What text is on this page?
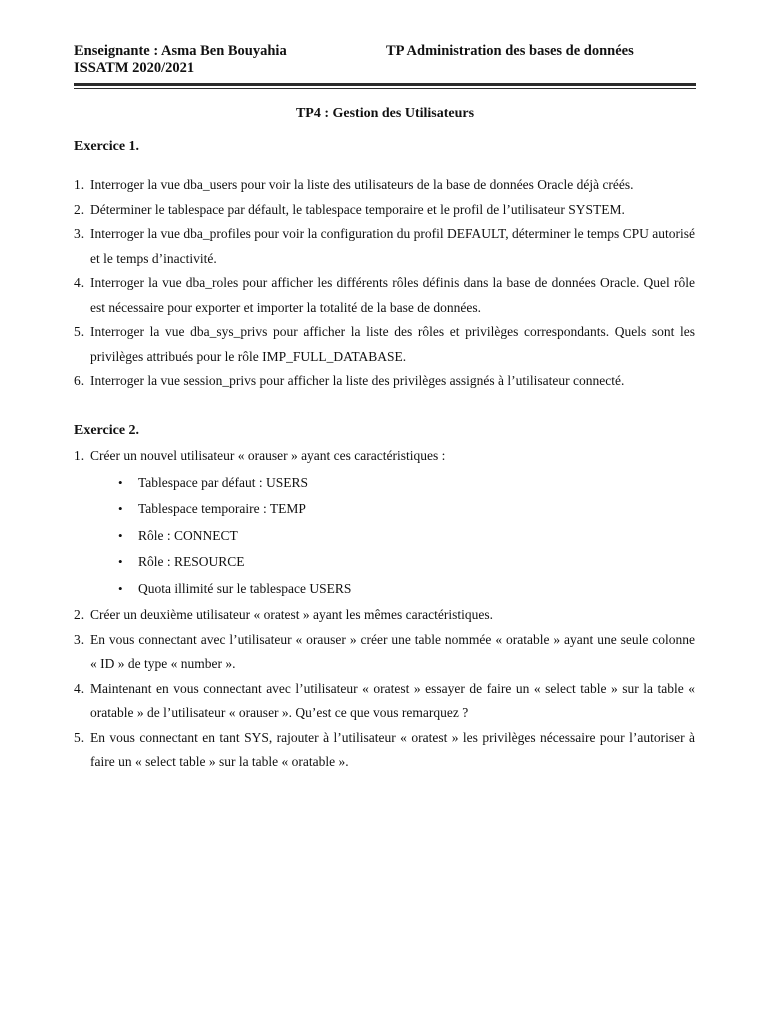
Enseignante : Asma Ben Bouyahia	TP Administration des bases de données
ISSATM 2020/2021
TP4 : Gestion des Utilisateurs
Exercice 1.
1. Interroger la vue dba_users pour voir la liste des utilisateurs de la base de données Oracle déjà créés.
2. Déterminer le tablespace par défault, le tablespace temporaire et le profil de l’utilisateur SYSTEM.
3. Interroger la vue dba_profiles pour voir la configuration du profil DEFAULT, déterminer le temps CPU autorisé et le temps d’inactivité.
4. Interroger la vue dba_roles pour afficher les différents rôles définis dans la base de données Oracle. Quel rôle est nécessaire pour exporter et importer la totalité de la base de données.
5. Interroger la vue dba_sys_privs pour afficher la liste des rôles et privilèges correspondants. Quels sont les privilèges attribués pour le rôle IMP_FULL_DATABASE.
6. Interroger la vue session_privs pour afficher la liste des privilèges assignés à l’utilisateur connecté.
Exercice 2.
1. Créer un nouvel utilisateur « orauser » ayant ces caractéristiques :
• Tablespace par défaut : USERS
• Tablespace temporaire : TEMP
• Rôle : CONNECT
• Rôle : RESOURCE
• Quota illimité sur le tablespace USERS
2. Créer un deuxième utilisateur « oratest » ayant les mêmes caractéristiques.
3. En vous connectant avec l’utilisateur « orauser » créer une table nommée « oratable » ayant une seule colonne « ID » de type « number ».
4. Maintenant en vous connectant avec l’utilisateur « oratest » essayer de faire un « select table » sur la table « oratable » de l’utilisateur « orauser ». Qu’est ce que vous remarquez ?
5. En vous connectant en tant SYS, rajouter à l’utilisateur « oratest » les privilèges nécessaire pour l’autoriser à faire un « select table » sur la table « oratable ».
